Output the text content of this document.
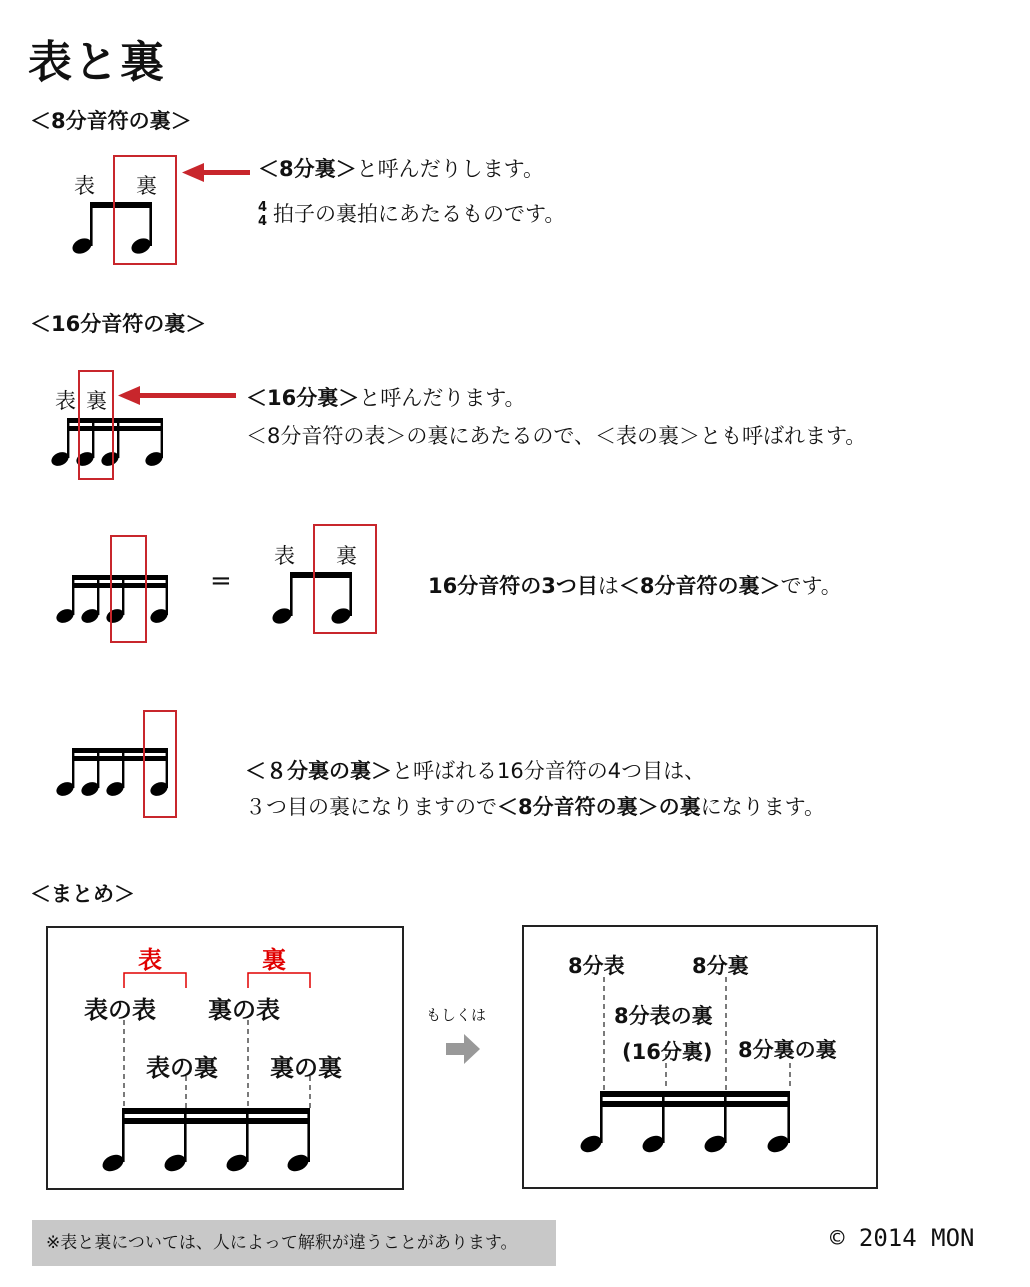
表と裏
＜8分音符の裏＞
表 裏
＜8分裏＞と呼んだりします。
4
4 拍子の裏拍にあたるものです。
＜16分音符の裏＞
表 裏	＜16分裏＞と呼んだります。
＜8分音符の表＞の裏にあたるので、＜表の裏＞とも呼ばれます。
=
表 裏
16分音符の3つ目は＜8分音符の裏＞です。
＜８分裏の裏＞と呼ばれる16分音符の4つ目は、
３つ目の裏になりますので＜8分音符の裏＞の裏になります。
＜まとめ＞
表	裏
表の表 裏の表
表の裏 裏の裏
もしくは
8分表	8分裏
8分表の裏
(16分裏) 8分裏の裏
※表と裏については、人によって解釈が違うことがあります。	© 2014 MON
